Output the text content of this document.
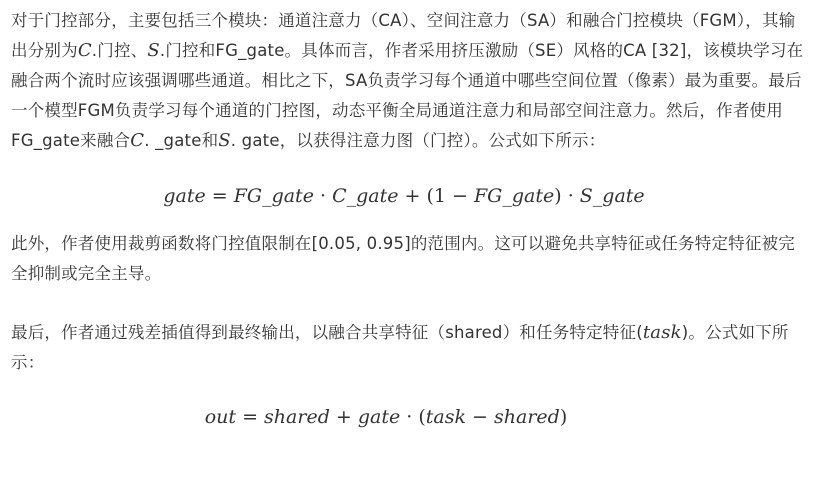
对于门控部分，主要包括三个模块：通道注意力（CA）、空间注意力（SA）和融合门控模块（FGM），其输出分别为C.门控、S.门控和FG_gate。具体而言，作者采用挤压激励（SE）风格的CA [32]，该模块学习在融合两个流时应该强调哪些通道。相比之下，SA负责学习每个通道中哪些空间位置（像素）最为重要。最后一个模型FGM负责学习每个通道的门控图，动态平衡全局通道注意力和局部空间注意力。然后，作者使用FG_gate来融合C. _gate和S. gate，以获得注意力图（门控）。公式如下所示：

gate = FG_gate · C_gate + (1 − FG_gate) · S_gate

此外，作者使用裁剪函数将门控值限制在[0.05, 0.95]的范围内。这可以避免共享特征或任务特定特征被完全抑制或完全主导。

最后，作者通过残差插值得到最终输出，以融合共享特征（shared）和任务特定特征(task)。公式如下所示：

out = shared + gate · (task − shared)
